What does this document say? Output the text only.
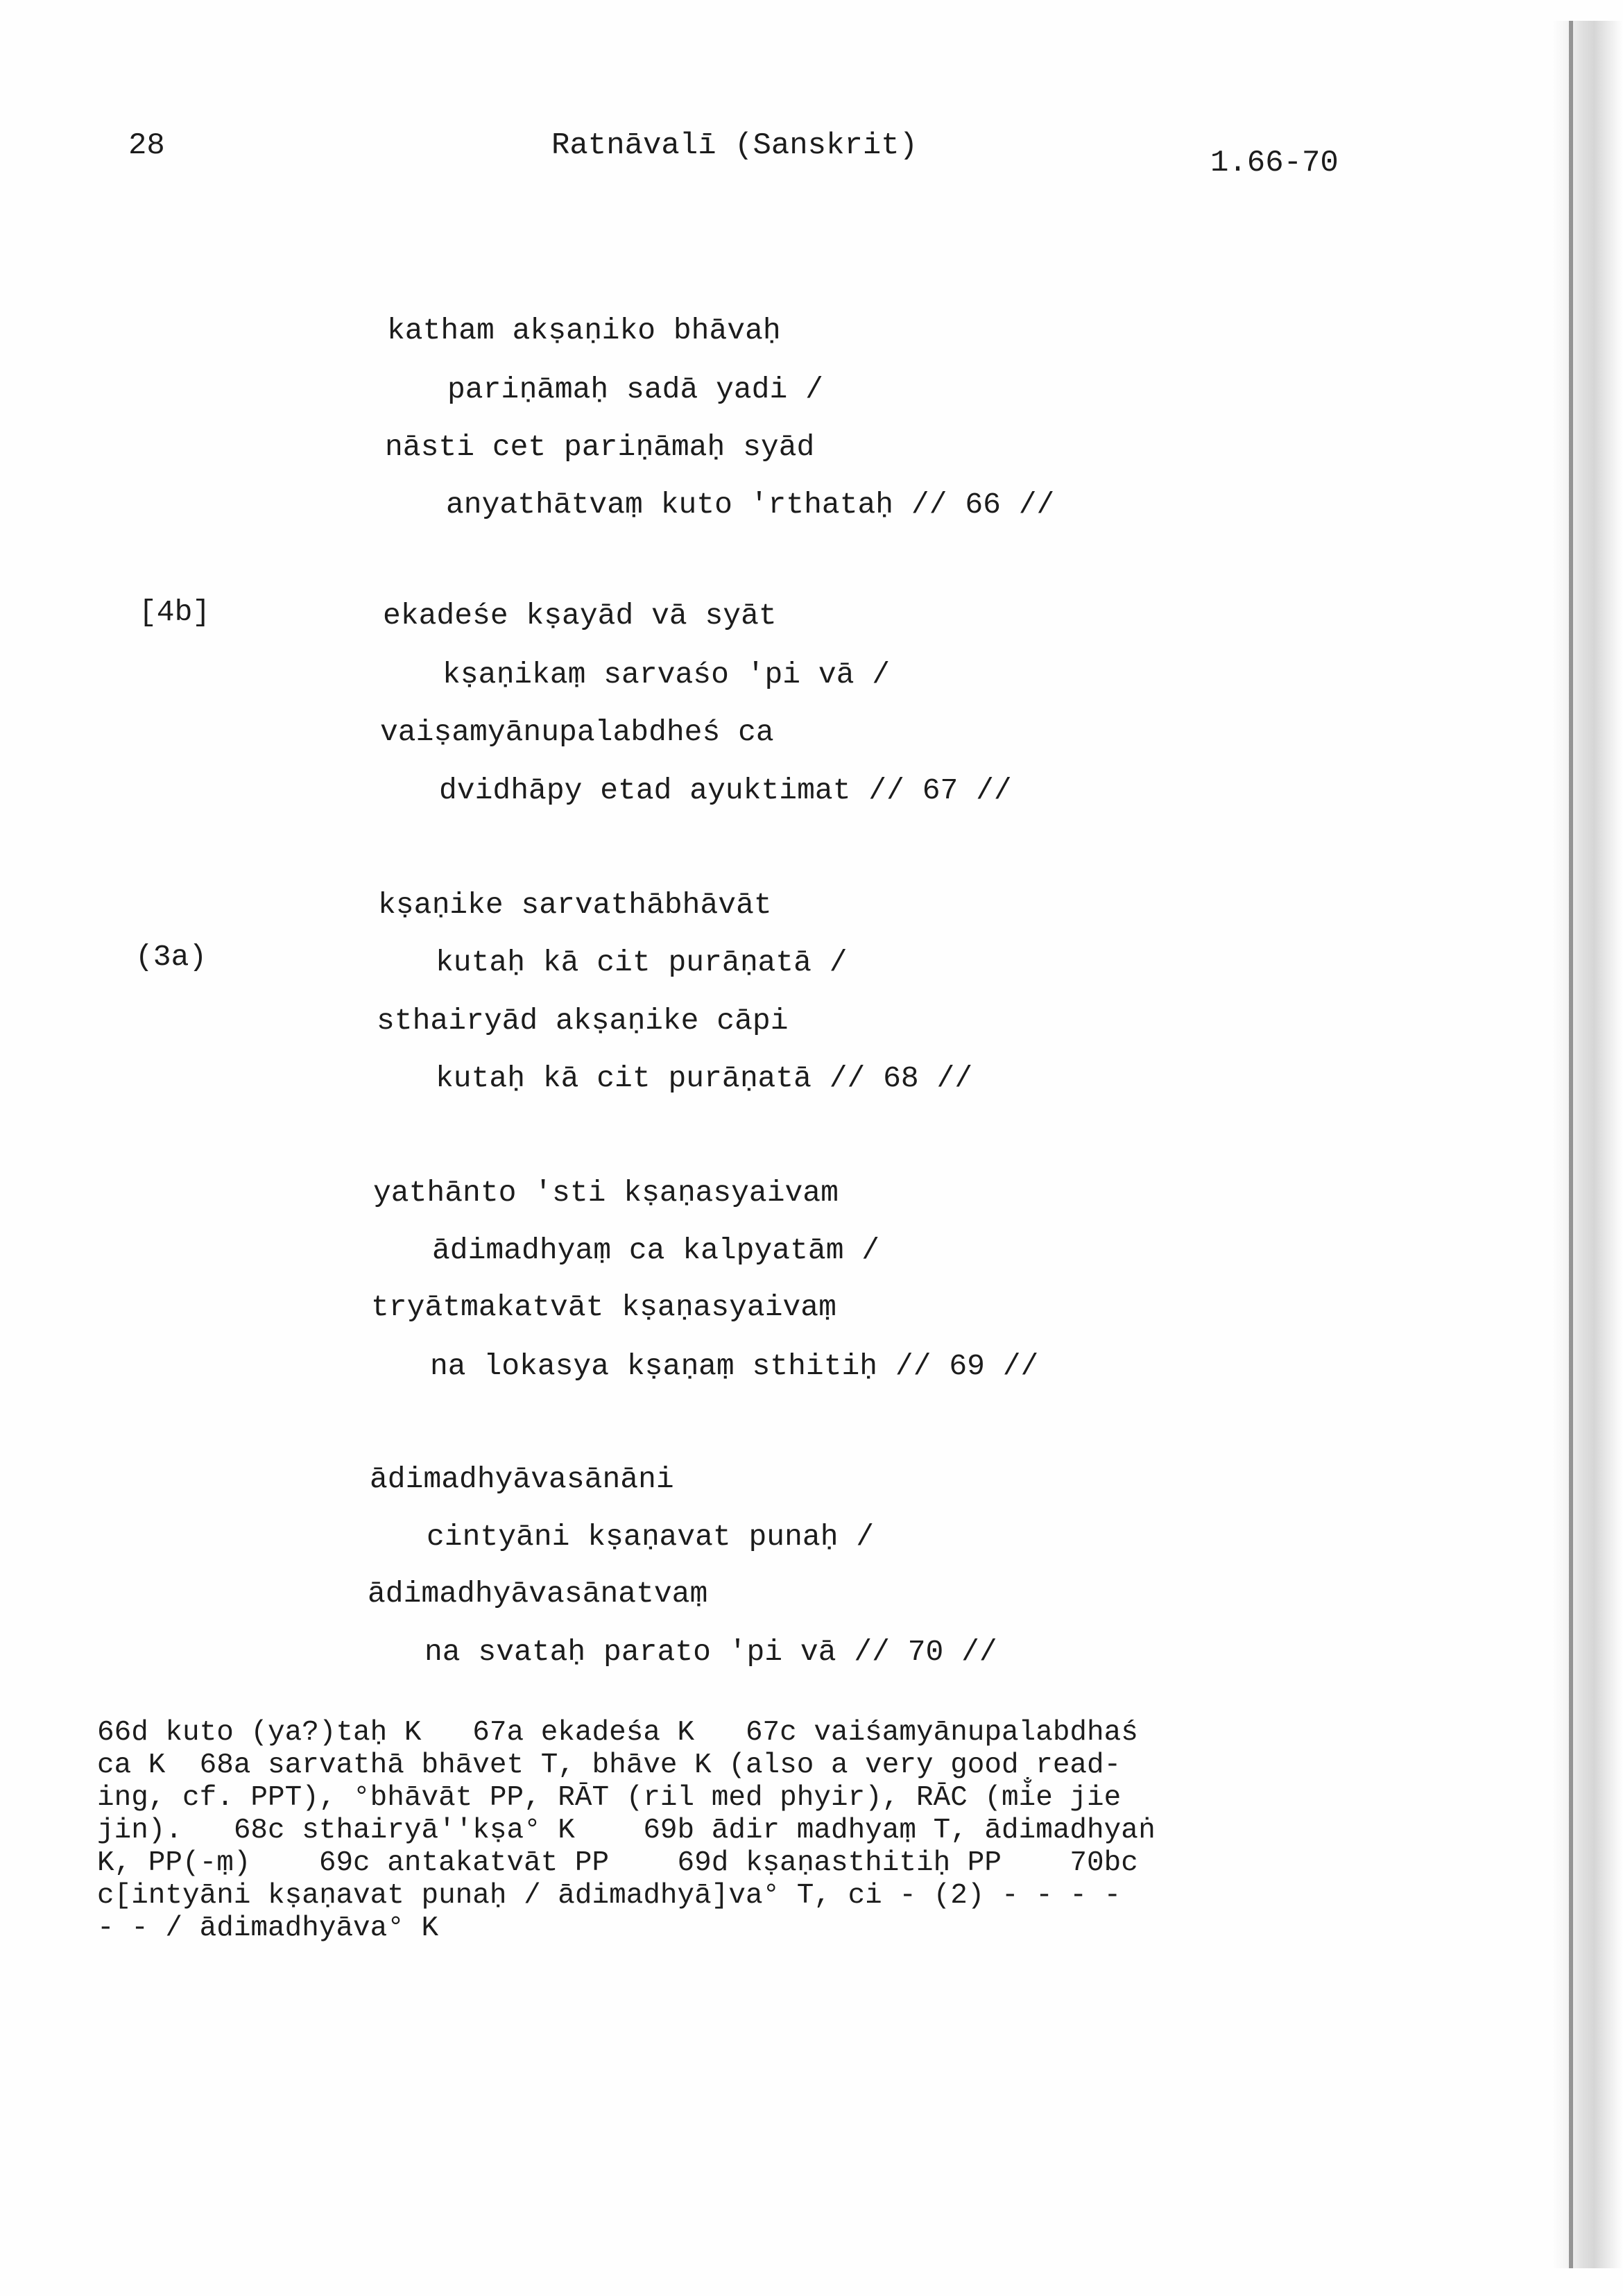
28	Ratnāvalī (Sanskrit)	1.66-70
[4b]
(3a)
katham akṣaṇiko bhāvaḥ
pariṇāmaḥ sadā yadi /
nāsti cet pariṇāmaḥ syād
anyathātvaṃ kuto 'rthataḥ // 66 //
ekadeśe kṣayād vā syāt
kṣaṇikaṃ sarvaśo 'pi vā /
vaiṣamyānupalabdheś ca
dvidhāpy etad ayuktimat // 67 //
kṣaṇike sarvathābhāvāt
kutaḥ kā cit purāṇatā /
sthairyād akṣaṇike cāpi
kutaḥ kā cit purāṇatā // 68 //
yathānto 'sti kṣaṇasyaivam
ādimadhyaṃ ca kalpyatām /
tryātmakatvāt kṣaṇasyaivaṃ
na lokasya kṣaṇaṃ sthitiḥ // 69 //
ādimadhyāvasānāni
cintyāni kṣaṇavat punaḥ /
ādimadhyāvasānatvaṃ
na svataḥ parato 'pi vā // 70 //
66d kuto (ya?)taḥ K   67a ekadeśa K   67c vaiśamyānupalabdhaś
ca K  68a sarvathā bhāvet T, bhāve K (also a very good read-
ing, cf. PPT), °bhāvāt PP, RĀT (ril med phyir), RĀC (mi̐e jie
jin).   68c sthairyā''kṣa° K    69b ādir madhyaṃ T, ādimadhyaṅ
K, PP(-ṃ)    69c antakatvāt PP    69d kṣaṇasthitiḥ PP    70bc
c[intyāni kṣaṇavat punaḥ / ādimadhyā]va° T, ci - (2) - - - -
- - / ādimadhyāva° K
